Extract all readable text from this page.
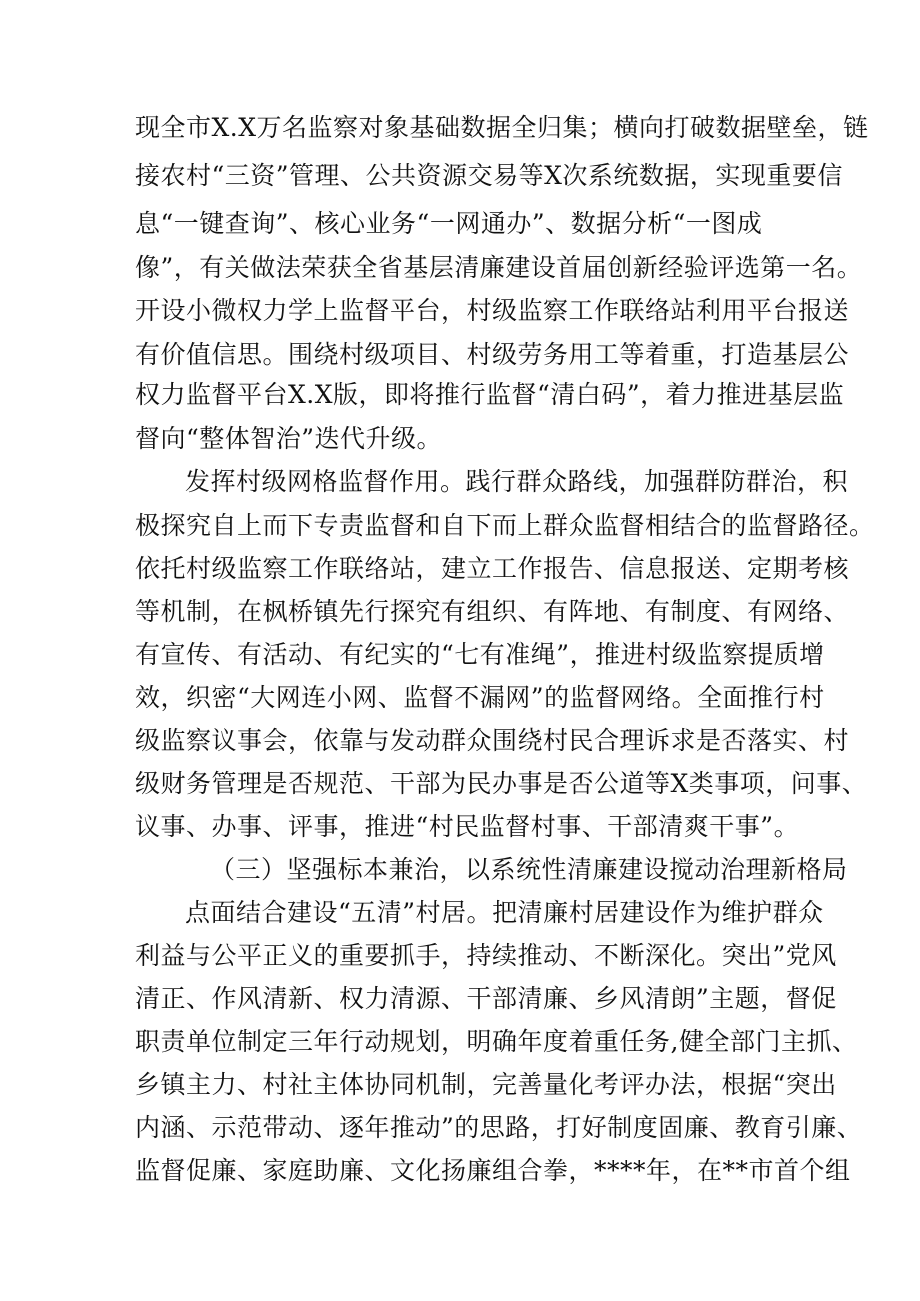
现全市X.X万名监察对象基础数据全归集；横向打破数据壁垒，链
接农村“三资”管理、公共资源交易等X次系统数据，实现重要信
息“一键查询”、核心业务“一网通办”、数据分析“一图成
像”，有关做法荣获全省基层清廉建设首届创新经验评选第一名。
开设小微权力学上监督平台，村级监察工作联络站利用平台报送
有价值信思。围绕村级项目、村级劳务用工等着重，打造基层公
权力监督平台X.X版，即将推行监督“清白码”，着力推进基层监
督向“整体智治”迭代升级。
发挥村级网格监督作用。践行群众路线，加强群防群治，积
极探究自上而下专责监督和自下而上群众监督相结合的监督路径。
依托村级监察工作联络站，建立工作报告、信息报送、定期考核
等机制，在枫桥镇先行探究有组织、有阵地、有制度、有网络、
有宣传、有活动、有纪实的“七有准绳”，推进村级监察提质增
效，织密“大网连小网、监督不漏网”的监督网络。全面推行村
级监察议事会，依靠与发动群众围绕村民合理诉求是否落实、村
级财务管理是否规范、干部为民办事是否公道等X类事项，问事、
议事、办事、评事，推进“村民监督村事、干部清爽干事”。
（三）坚强标本兼治，以系统性清廉建设搅动治理新格局
点面结合建设“五清”村居。把清廉村居建设作为维护群众
利益与公平正义的重要抓手，持续推动、不断深化。突出”党风
清正、作风清新、权力清源、干部清廉、乡风清朗”主题，督促
职责单位制定三年行动规划，明确年度着重任务,健全部门主抓、
乡镇主力、村社主体协同机制，完善量化考评办法，根据“突出
内涵、示范带动、逐年推动”的思路，打好制度固廉、教育引廉、
监督促廉、家庭助廉、文化扬廉组合拳，****年，在**市首个组
